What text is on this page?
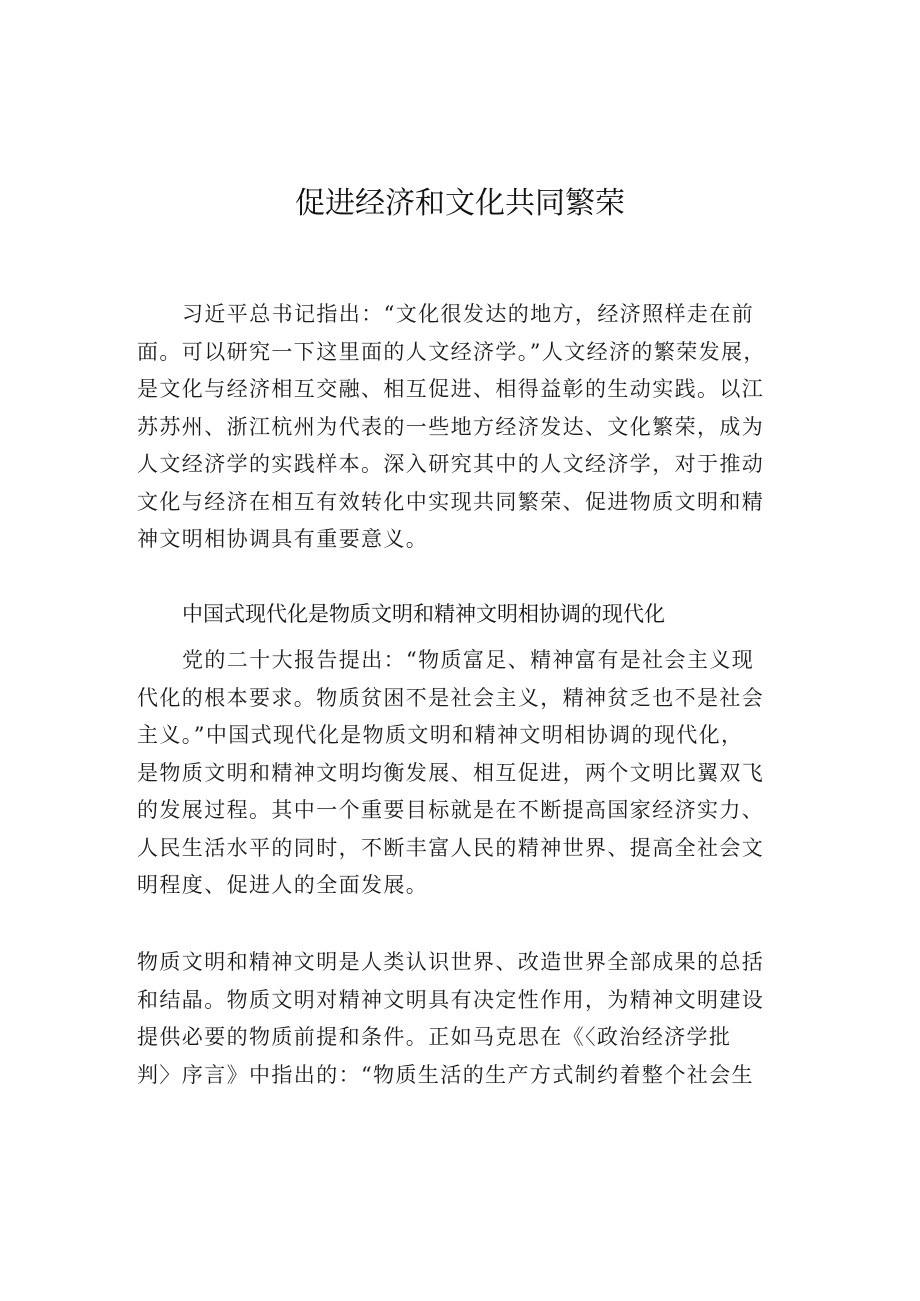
促进经济和文化共同繁荣
习近平总书记指出：“文化很发达的地方，经济照样走在前
面。可以研究一下这里面的人文经济学。”人文经济的繁荣发展，
是文化与经济相互交融、相互促进、相得益彰的生动实践。以江
苏苏州、浙江杭州为代表的一些地方经济发达、文化繁荣，成为
人文经济学的实践样本。深入研究其中的人文经济学，对于推动
文化与经济在相互有效转化中实现共同繁荣、促进物质文明和精
神文明相协调具有重要意义。
中国式现代化是物质文明和精神文明相协调的现代化
党的二十大报告提出：“物质富足、精神富有是社会主义现
代化的根本要求。物质贫困不是社会主义，精神贫乏也不是社会
主义。”中国式现代化是物质文明和精神文明相协调的现代化，
是物质文明和精神文明均衡发展、相互促进，两个文明比翼双飞
的发展过程。其中一个重要目标就是在不断提高国家经济实力、
人民生活水平的同时，不断丰富人民的精神世界、提高全社会文
明程度、促进人的全面发展。
物质文明和精神文明是人类认识世界、改造世界全部成果的总括
和结晶。物质文明对精神文明具有决定性作用，为精神文明建设
提供必要的物质前提和条件。正如马克思在《〈政治经济学批
判〉序言》中指出的：“物质生活的生产方式制约着整个社会生
